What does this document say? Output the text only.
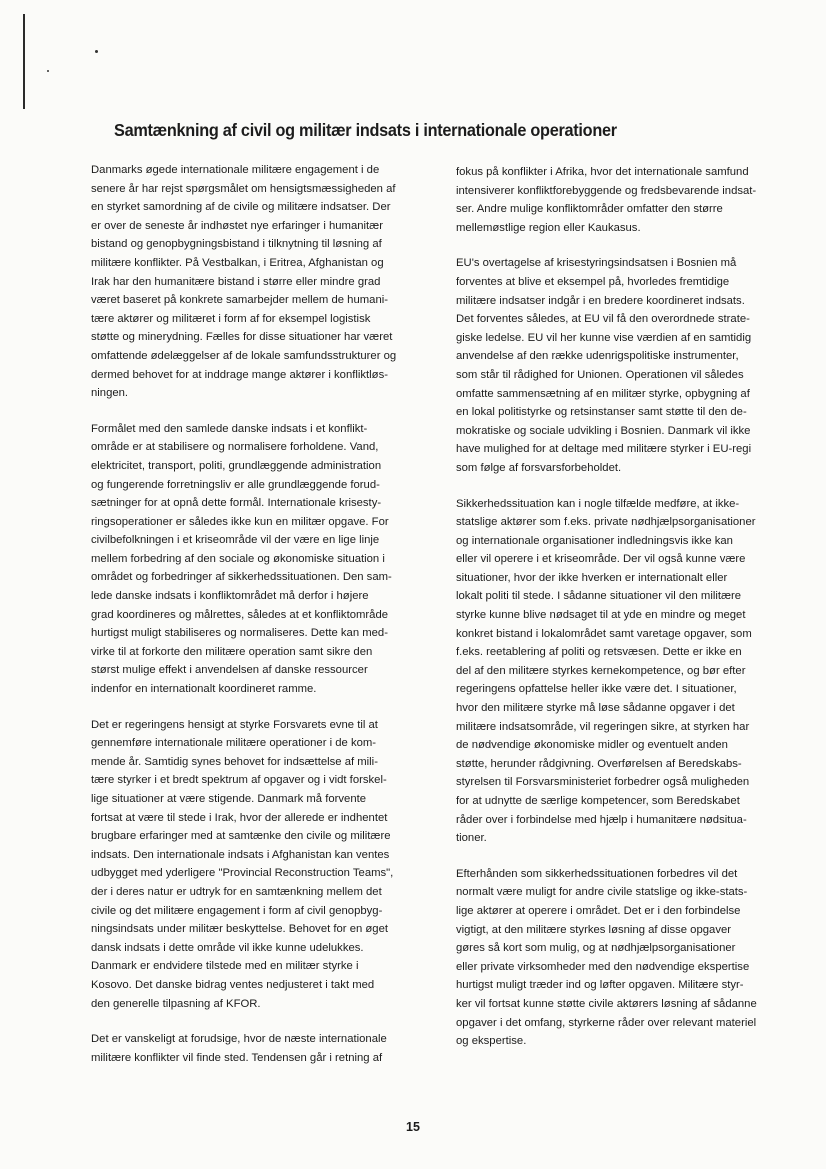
Samtænkning af civil og militær indsats i internationale operationer

Danmarks øgede internationale militære engagement i de
senere år har rejst spørgsmålet om hensigtsmæssigheden af
en styrket samordning af de civile og militære indsatser. Der
er over de seneste år indhøstet nye erfaringer i humanitær
bistand og genopbygningsbistand i tilknytning til løsning af
militære konflikter. På Vestbalkan, i Eritrea, Afghanistan og
Irak har den humanitære bistand i større eller mindre grad
været baseret på konkrete samarbejder mellem de humani-
tære aktører og militæret i form af for eksempel logistisk
støtte og minerydning. Fælles for disse situationer har været
omfattende ødelæggelser af de lokale samfundsstrukturer og
dermed behovet for at inddrage mange aktører i konfliktløs-
ningen.

Formålet med den samlede danske indsats i et konflikt-
område er at stabilisere og normalisere forholdene. Vand,
elektricitet, transport, politi, grundlæggende administration
og fungerende forretningsliv er alle grundlæggende forud-
sætninger for at opnå dette formål. Internationale krisesty-
ringsoperationer er således ikke kun en militær opgave. For
civilbefolkningen i et kriseområde vil der være en lige linje
mellem forbedring af den sociale og økonomiske situation i
området og forbedringer af sikkerhedssituationen. Den sam-
lede danske indsats i konfliktområdet må derfor i højere
grad koordineres og målrettes, således at et konfliktområde
hurtigst muligt stabiliseres og normaliseres. Dette kan med-
virke til at forkorte den militære operation samt sikre den
størst mulige effekt i anvendelsen af danske ressourcer
indenfor en internationalt koordineret ramme.

Det er regeringens hensigt at styrke Forsvarets evne til at
gennemføre internationale militære operationer i de kom-
mende år. Samtidig synes behovet for indsættelse af mili-
tære styrker i et bredt spektrum af opgaver og i vidt forskel-
lige situationer at være stigende. Danmark må forvente
fortsat at være til stede i Irak, hvor der allerede er indhentet
brugbare erfaringer med at samtænke den civile og militære
indsats. Den internationale indsats i Afghanistan kan ventes
udbygget med yderligere "Provincial Reconstruction Teams",
der i deres natur er udtryk for en samtænkning mellem det
civile og det militære engagement i form af civil genopbyg-
ningsindsats under militær beskyttelse. Behovet for en øget
dansk indsats i dette område vil ikke kunne udelukkes.
Danmark er endvidere tilstede med en militær styrke i
Kosovo. Det danske bidrag ventes nedjusteret i takt med
den generelle tilpasning af KFOR.

Det er vanskeligt at forudsige, hvor de næste internationale
militære konflikter vil finde sted. Tendensen går i retning af

fokus på konflikter i Afrika, hvor det internationale samfund
intensiverer konfliktforebyggende og fredsbevarende indsat-
ser. Andre mulige konfliktområder omfatter den større
mellemøstlige region eller Kaukasus.

EU's overtagelse af krisestyringsindsatsen i Bosnien må
forventes at blive et eksempel på, hvorledes fremtidige
militære indsatser indgår i en bredere koordineret indsats.
Det forventes således, at EU vil få den overordnede strate-
giske ledelse. EU vil her kunne vise værdien af en samtidig
anvendelse af den række udenrigspolitiske instrumenter,
som står til rådighed for Unionen. Operationen vil således
omfatte sammensætning af en militær styrke, opbygning af
en lokal politistyrke og retsinstanser samt støtte til den de-
mokratiske og sociale udvikling i Bosnien. Danmark vil ikke
have mulighed for at deltage med militære styrker i EU-regi
som følge af forsvarsforbeholdet.

Sikkerhedssituation kan i nogle tilfælde medføre, at ikke-
statslige aktører som f.eks. private nødhjælpsorganisationer
og internationale organisationer indledningsvis ikke kan
eller vil operere i et kriseområde. Der vil også kunne være
situationer, hvor der ikke hverken er internationalt eller
lokalt politi til stede. I sådanne situationer vil den militære
styrke kunne blive nødsaget til at yde en mindre og meget
konkret bistand i lokalområdet samt varetage opgaver, som
f.eks. reetablering af politi og retsvæsen. Dette er ikke en
del af den militære styrkes kernekompetence, og bør efter
regeringens opfattelse heller ikke være det. I situationer,
hvor den militære styrke må løse sådanne opgaver i det
militære indsatsområde, vil regeringen sikre, at styrken har
de nødvendige økonomiske midler og eventuelt anden
støtte, herunder rådgivning. Overførelsen af Beredskabs-
styrelsen til Forsvarsministeriet forbedrer også muligheden
for at udnytte de særlige kompetencer, som Beredskabet
råder over i forbindelse med hjælp i humanitære nødsitua-
tioner.

Efterhånden som sikkerhedssituationen forbedres vil det
normalt være muligt for andre civile statslige og ikke-stats-
lige aktører at operere i området. Det er i den forbindelse
vigtigt, at den militære styrkes løsning af disse opgaver
gøres så kort som mulig, og at nødhjælpsorganisationer
eller private virksomheder med den nødvendige ekspertise
hurtigst muligt træder ind og løfter opgaven. Militære styr-
ker vil fortsat kunne støtte civile aktørers løsning af sådanne
opgaver i det omfang, styrkerne råder over relevant materiel
og ekspertise.

15
